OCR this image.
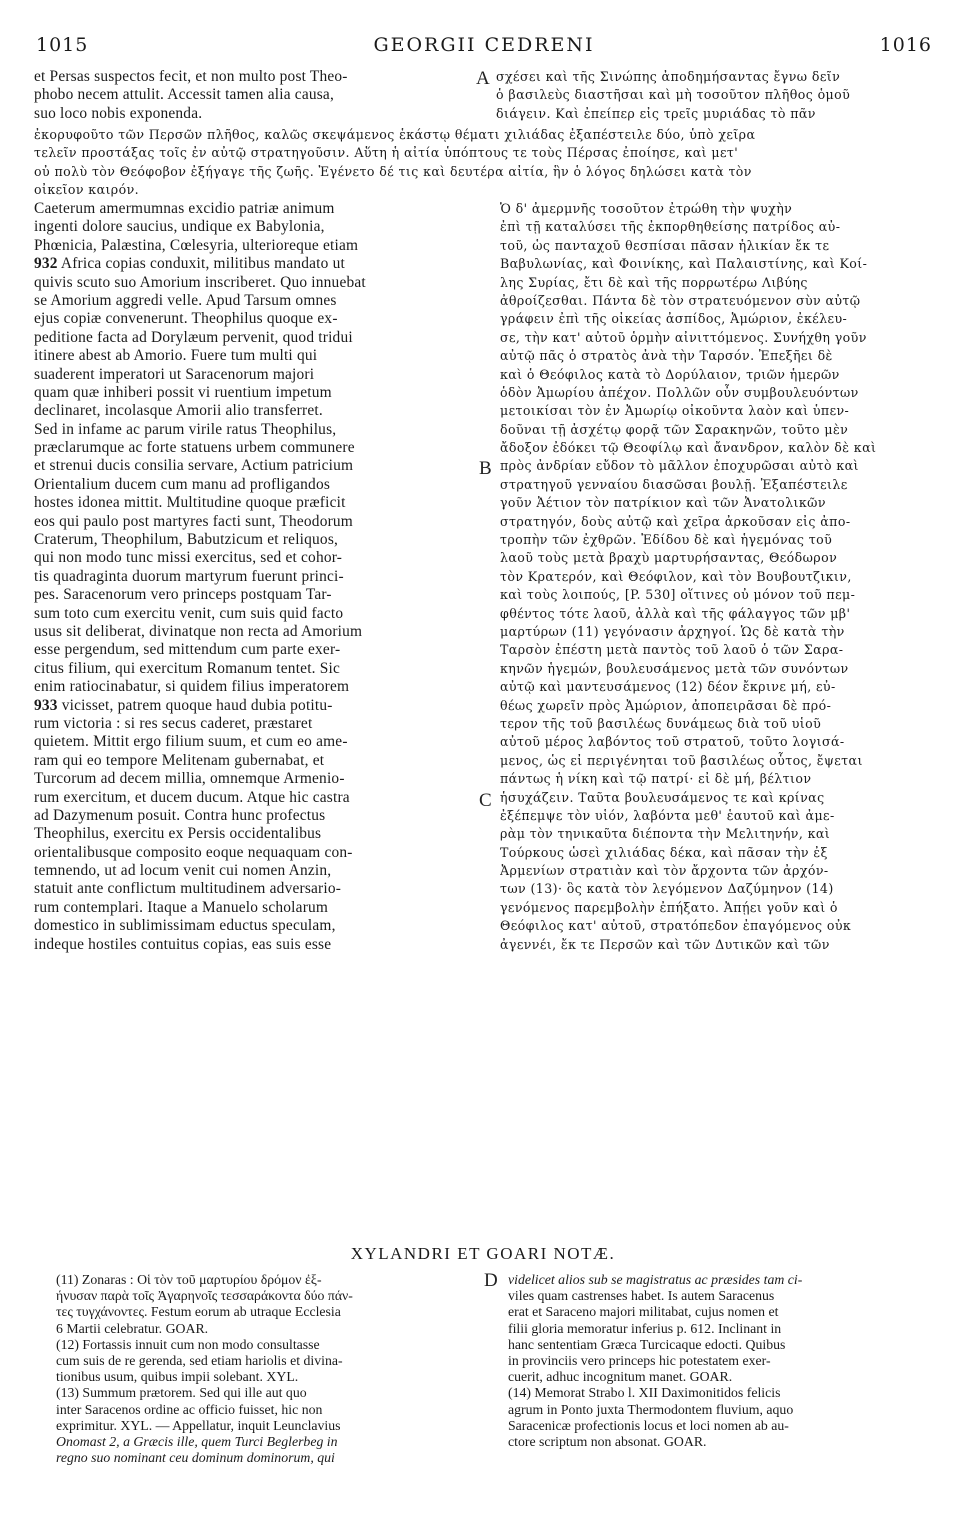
1015	GEORGII CEDRENI	1016
et Persas suspectos fecit, et non multo post Theo-
phobo necem attulit. Accessit tamen alia causa,
suo loco nobis exponenda.
A σχέσει καὶ τῆς Σινώπης ἀποδημήσαντας ἔγνω δεῖν
ὁ βασιλεὺς διαστῆσαι καὶ μὴ τοσοῦτον πλῆθος ὁμοῦ
διάγειν. Καὶ ἐπείπερ εἰς τρεῖς μυριάδας τὸ πᾶν
ἐκορυφοῦτο τῶν Περσῶν πλῆθος, καλῶς σκεψάμενος ἑκάστῳ θέματι χιλιάδας ἐξαπέστειλε δύο, ὑπὸ χεῖρα
τελεῖν προστάξας τοῖς ἐν αὐτῷ στρατηγοῦσιν. Αὕτη ἡ αἰτία ὑπόπτους τε τοὺς Πέρσας ἐποίησε, καὶ μετ'
οὐ πολὺ τὸν Θεόφοβον ἐξήγαγε τῆς ζωῆς. Ἐγένετο δέ τις καὶ δευτέρα αἰτία, ἣν ὁ λόγος δηλώσει κατὰ τὸν
οἰκεῖον καιρόν.
Caeterum amermumnas excidio patriæ animum
ingenti dolore saucius, undique ex Babylonia,
Phœnicia, Palæstina, Cœlesyria, ulterioreque etiam
932 Africa copias conduxit, militibus mandato ut
quivis scuto suo Amorium inscriberet. Quo innuebat
se Amorium aggredi velle. Apud Tarsum omnes
ejus copiæ convenerunt. Theophilus quoque ex-
peditione facta ad Dorylæum pervenit, quod tridui
itinere abest ab Amorio. Fuere tum multi qui
suaderent imperatori ut Saracenorum majori
quam quæ inhiberi possit vi ruentium impetum
declinaret, incolasque Amorii alio transferret.
Sed in infame ac parum virile ratus Theophilus,
præclarumque ac forte statuens urbem communere
et strenui ducis consilia servare, Actium patricium
Orientalium ducem cum manu ad profligandos
hostes idonea mittit. Multitudine quoque præficit
eos qui paulo post martyres facti sunt, Theodorum
Craterum, Theophilum, Babutzicum et reliquos,
qui non modo tunc missi exercitus, sed et cohor-
tis quadraginta duorum martyrum fuerunt princi-
pes. Saracenorum vero princeps postquam Tar-
sum toto cum exercitu venit, cum suis quid facto
usus sit deliberat, divinatque non recta ad Amorium
esse pergendum, sed mittendum cum parte exer-
citus filium, qui exercitum Romanum tentet. Sic
enim ratiocinabatur, si quidem filius imperatorem
933 vicisset, patrem quoque haud dubia potitu-
rum victoria : si res secus caderet, præstaret
quietem. Mittit ergo filium suum, et cum eo ame-
ram qui eo tempore Melitenam gubernabat, et
Turcorum ad decem millia, omnemque Armenio-
rum exercitum, et ducem ducum. Atque hic castra
ad Dazymenum posuit. Contra hunc profectus
Theophilus, exercitu ex Persis occidentalibus
orientalibusque composito eoque nequaquam con-
temnendo, ut ad locum venit cui nomen Anzin,
statuit ante conflictum multitudinem adversario-
rum contemplari. Itaque a Manuelo scholarum
domestico in sublimissimam eductus speculam,
indeque hostiles contuitus copias, eas suis esse
B
C
Ὁ δ' ἀμερμνῆς τοσοῦτον ἐτρώθη τὴν ψυχὴν
ἐπὶ τῇ καταλύσει τῆς ἐκπορθηθείσης πατρίδος αὐ-
τοῦ, ὡς πανταχοῦ θεσπίσαι πᾶσαν ἡλικίαν ἔκ τε
Βαβυλωνίας, καὶ Φοινίκης, καὶ Παλαιστίνης, καὶ Κοί-
λης Συρίας, ἔτι δὲ καὶ τῆς πορρωτέρω Λιβύης
ἀθροίζεσθαι. Πάντα δὲ τὸν στρατευόμενον σὺν αὐτῷ
γράφειν ἐπὶ τῆς οἰκείας ἀσπίδος, Ἀμώριον, ἐκέλευ-
σε, τὴν κατ' αὐτοῦ ὁρμὴν αἰνιττόμενος. Συνήχθη γοῦν
αὐτῷ πᾶς ὁ στρατὸς ἀνὰ τὴν Ταρσόν. Ἐπεξῆει δὲ
καὶ ὁ Θεόφιλος κατὰ τὸ Δορύλαιον, τριῶν ἡμερῶν
ὁδὸν Ἀμωρίου ἀπέχον. Πολλῶν οὖν συμβουλευόντων
μετοικίσαι τὸν ἐν Ἀμωρίῳ οἰκοῦντα λαὸν καὶ ὑπεν-
δοῦναι τῇ ἀσχέτῳ φορᾷ τῶν Σαρακηνῶν, τοῦτο μὲν
ἄδοξον ἐδόκει τῷ Θεοφίλῳ καὶ ἄνανδρον, καλὸν δὲ καὶ
πρὸς ἀνδρίαν εὔδον τὸ μᾶλλον ἐποχυρῶσαι αὐτὸ καὶ
στρατηγοῦ γενναίου διασῶσαι βουλῇ. Ἐξαπέστειλε
γοῦν Ἀέτιον τὸν πατρίκιον καὶ τῶν Ἀνατολικῶν
στρατηγόν, δοὺς αὐτῷ καὶ χεῖρα ἀρκοῦσαν εἰς ἀπο-
τροπὴν τῶν ἐχθρῶν. Ἐδίδου δὲ καὶ ἡγεμόνας τοῦ
λαοῦ τοὺς μετὰ βραχὺ μαρτυρήσαντας, Θεόδωρον
τὸν Κρατερόν, καὶ Θεόφιλον, καὶ τὸν Βουβουτζικιν,
καὶ τοὺς λοιπούς, [P. 530] οἵτινες οὐ μόνον τοῦ πεμ-
φθέντος τότε λαοῦ, ἀλλὰ καὶ τῆς φάλαγγος τῶν μβ'
μαρτύρων (11) γεγόνασιν ἀρχηγοί. Ὡς δὲ κατὰ τὴν
Ταρσὸν ἐπέστη μετὰ παντὸς τοῦ λαοῦ ὁ τῶν Σαρα-
κηνῶν ἡγεμών, βουλευσάμενος μετὰ τῶν συνόντων
αὐτῷ καὶ μαντευσάμενος (12) δέον ἔκρινε μή, εὐ-
θέως χωρεῖν πρὸς Ἀμώριον, ἀποπειρᾶσαι δὲ πρό-
τερον τῆς τοῦ βασιλέως δυνάμεως διὰ τοῦ υἱοῦ
αὐτοῦ μέρος λαβόντος τοῦ στρατοῦ, τοῦτο λογισά-
μενος, ὡς εἰ περιγένηται τοῦ βασιλέως οὗτος, ἔψεται
πάντως ἡ νίκη καὶ τῷ πατρί· εἰ δὲ μή, βέλτιον
ἡσυχάζειν. Ταῦτα βουλευσάμενος τε καὶ κρίνας
ἐξέπεμψε τὸν υἱόν, λαβόντα μεθ' ἑαυτοῦ καὶ ἀμε-
ρὰμ τὸν τηνικαῦτα διέποντα τὴν Μελιτηνήν, καὶ
Τούρκους ὡσεὶ χιλιάδας δέκα, καὶ πᾶσαν τὴν ἐξ
Ἀρμενίων στρατιὰν καὶ τὸν ἄρχοντα τῶν ἀρχόν-
των (13)· ὃς κατὰ τὸν λεγόμενον Δαζύμηνον (14)
γενόμενος παρεμβολὴν ἐπήξατο. Ἀπῄει γοῦν καὶ ὁ
Θεόφιλος κατ' αὐτοῦ, στρατόπεδον ἐπαγόμενος οὐκ
ἀγεννέι, ἔκ τε Περσῶν καὶ τῶν Δυτικῶν καὶ τῶν
XYLANDRI ET GOARI NOTÆ.
(11) Zonaras : Οἱ τὸν τοῦ μαρτυρίου δρόμον ἐξ-
ήνυσαν παρὰ τοῖς Ἀγαρηνοῖς τεσσαράκοντα δύο πάν-
τες τυγχάνοντες. Festum eorum ab utraque Ecclesia
6 Martii celebratur. GOAR.
(12) Fortassis innuit cum non modo consultasse
cum suis de re gerenda, sed etiam hariolis et divina-
tionibus usum, quibus impii solebant. XYL.
(13) Summum prætorem. Sed qui ille aut quo
inter Saracenos ordine ac officio fuisset, hic non
exprimitur. XYL. — Appellatur, inquit Leunclavius
Onomast 2, a Græcis ille, quem Turci Beglerbeg in
regno suo nominant ceu dominum dominorum, qui
D videlicet alios sub se magistratus ac præsides tam ci-
viles quam castrenses habet. Is autem Saracenus
erat et Saraceno majori militabat, cujus nomen et
filii gloria memoratur inferius p. 612. Inclinant in
hanc sententiam Græca Turcicaque edocti. Quibus
in provinciis vero princeps hic potestatem exer-
cuerit, adhuc incognitum manet. GOAR.
(14) Memorat Strabo l. XII Daximonitidos felicis
agrum in Ponto juxta Thermodontem fluvium, aquo
Saracenicæ profectionis locus et loci nomen ab au-
ctore scriptum non absonat. GOAR.
